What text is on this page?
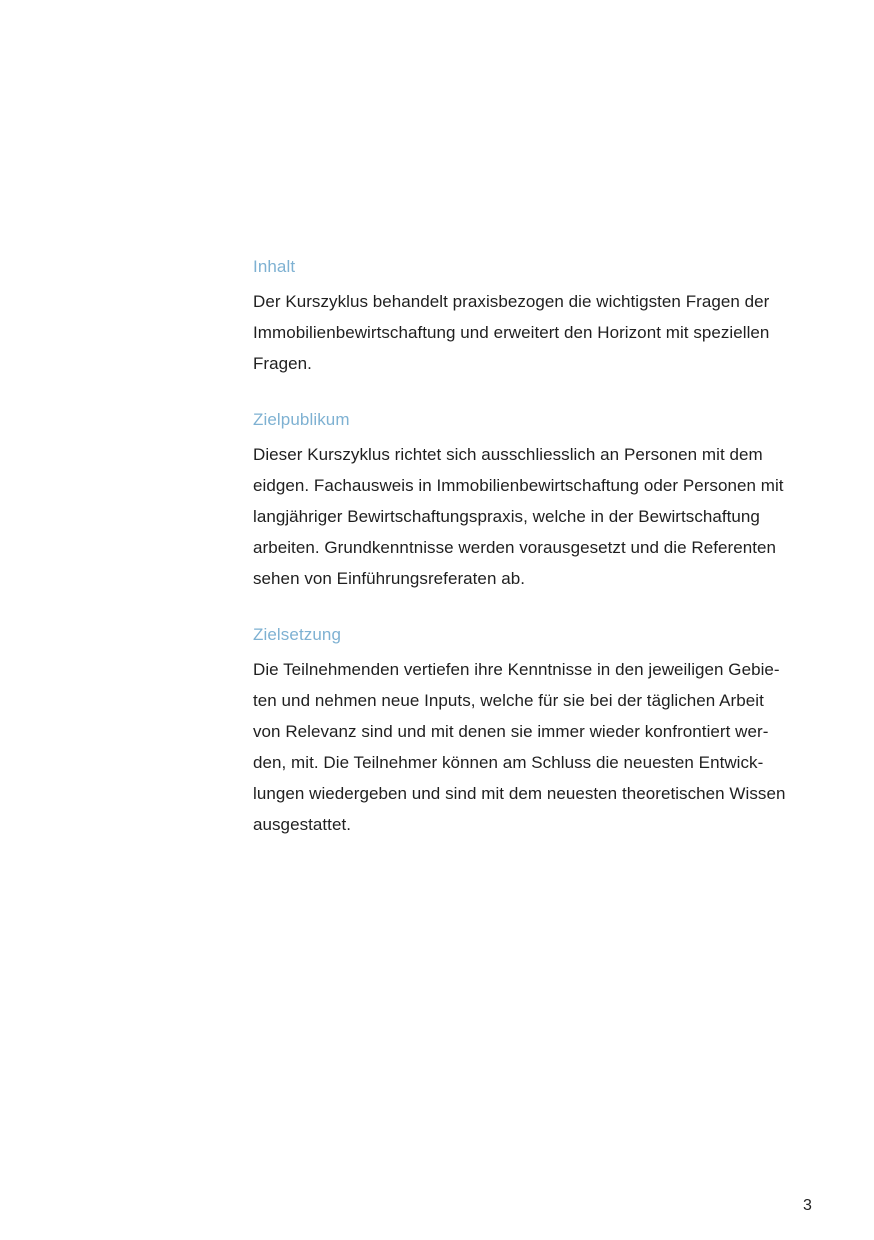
Inhalt
Der Kurszyklus behandelt praxisbezogen die wichtigsten Fragen der
Immobilienbewirtschaftung und erweitert den Horizont mit speziellen
Fragen.
Zielpublikum
Dieser Kurszyklus richtet sich ausschliesslich an Personen mit dem
eidgen. Fachausweis in Immobilienbewirtschaftung oder Personen mit
langjähriger Bewirtschaftungspraxis, welche in der Bewirtschaftung
arbeiten. Grundkenntnisse werden vorausgesetzt und die Referenten
sehen von Einführungsreferaten ab.
Zielsetzung
Die Teilnehmenden vertiefen ihre Kenntnisse in den jeweiligen Gebie-
ten und nehmen neue Inputs, welche für sie bei der täglichen Arbeit
von Relevanz sind und mit denen sie immer wieder konfrontiert wer-
den, mit. Die Teilnehmer können am Schluss die neuesten Entwick-
lungen wiedergeben und sind mit dem neuesten theoretischen Wissen
ausgestattet.
3
